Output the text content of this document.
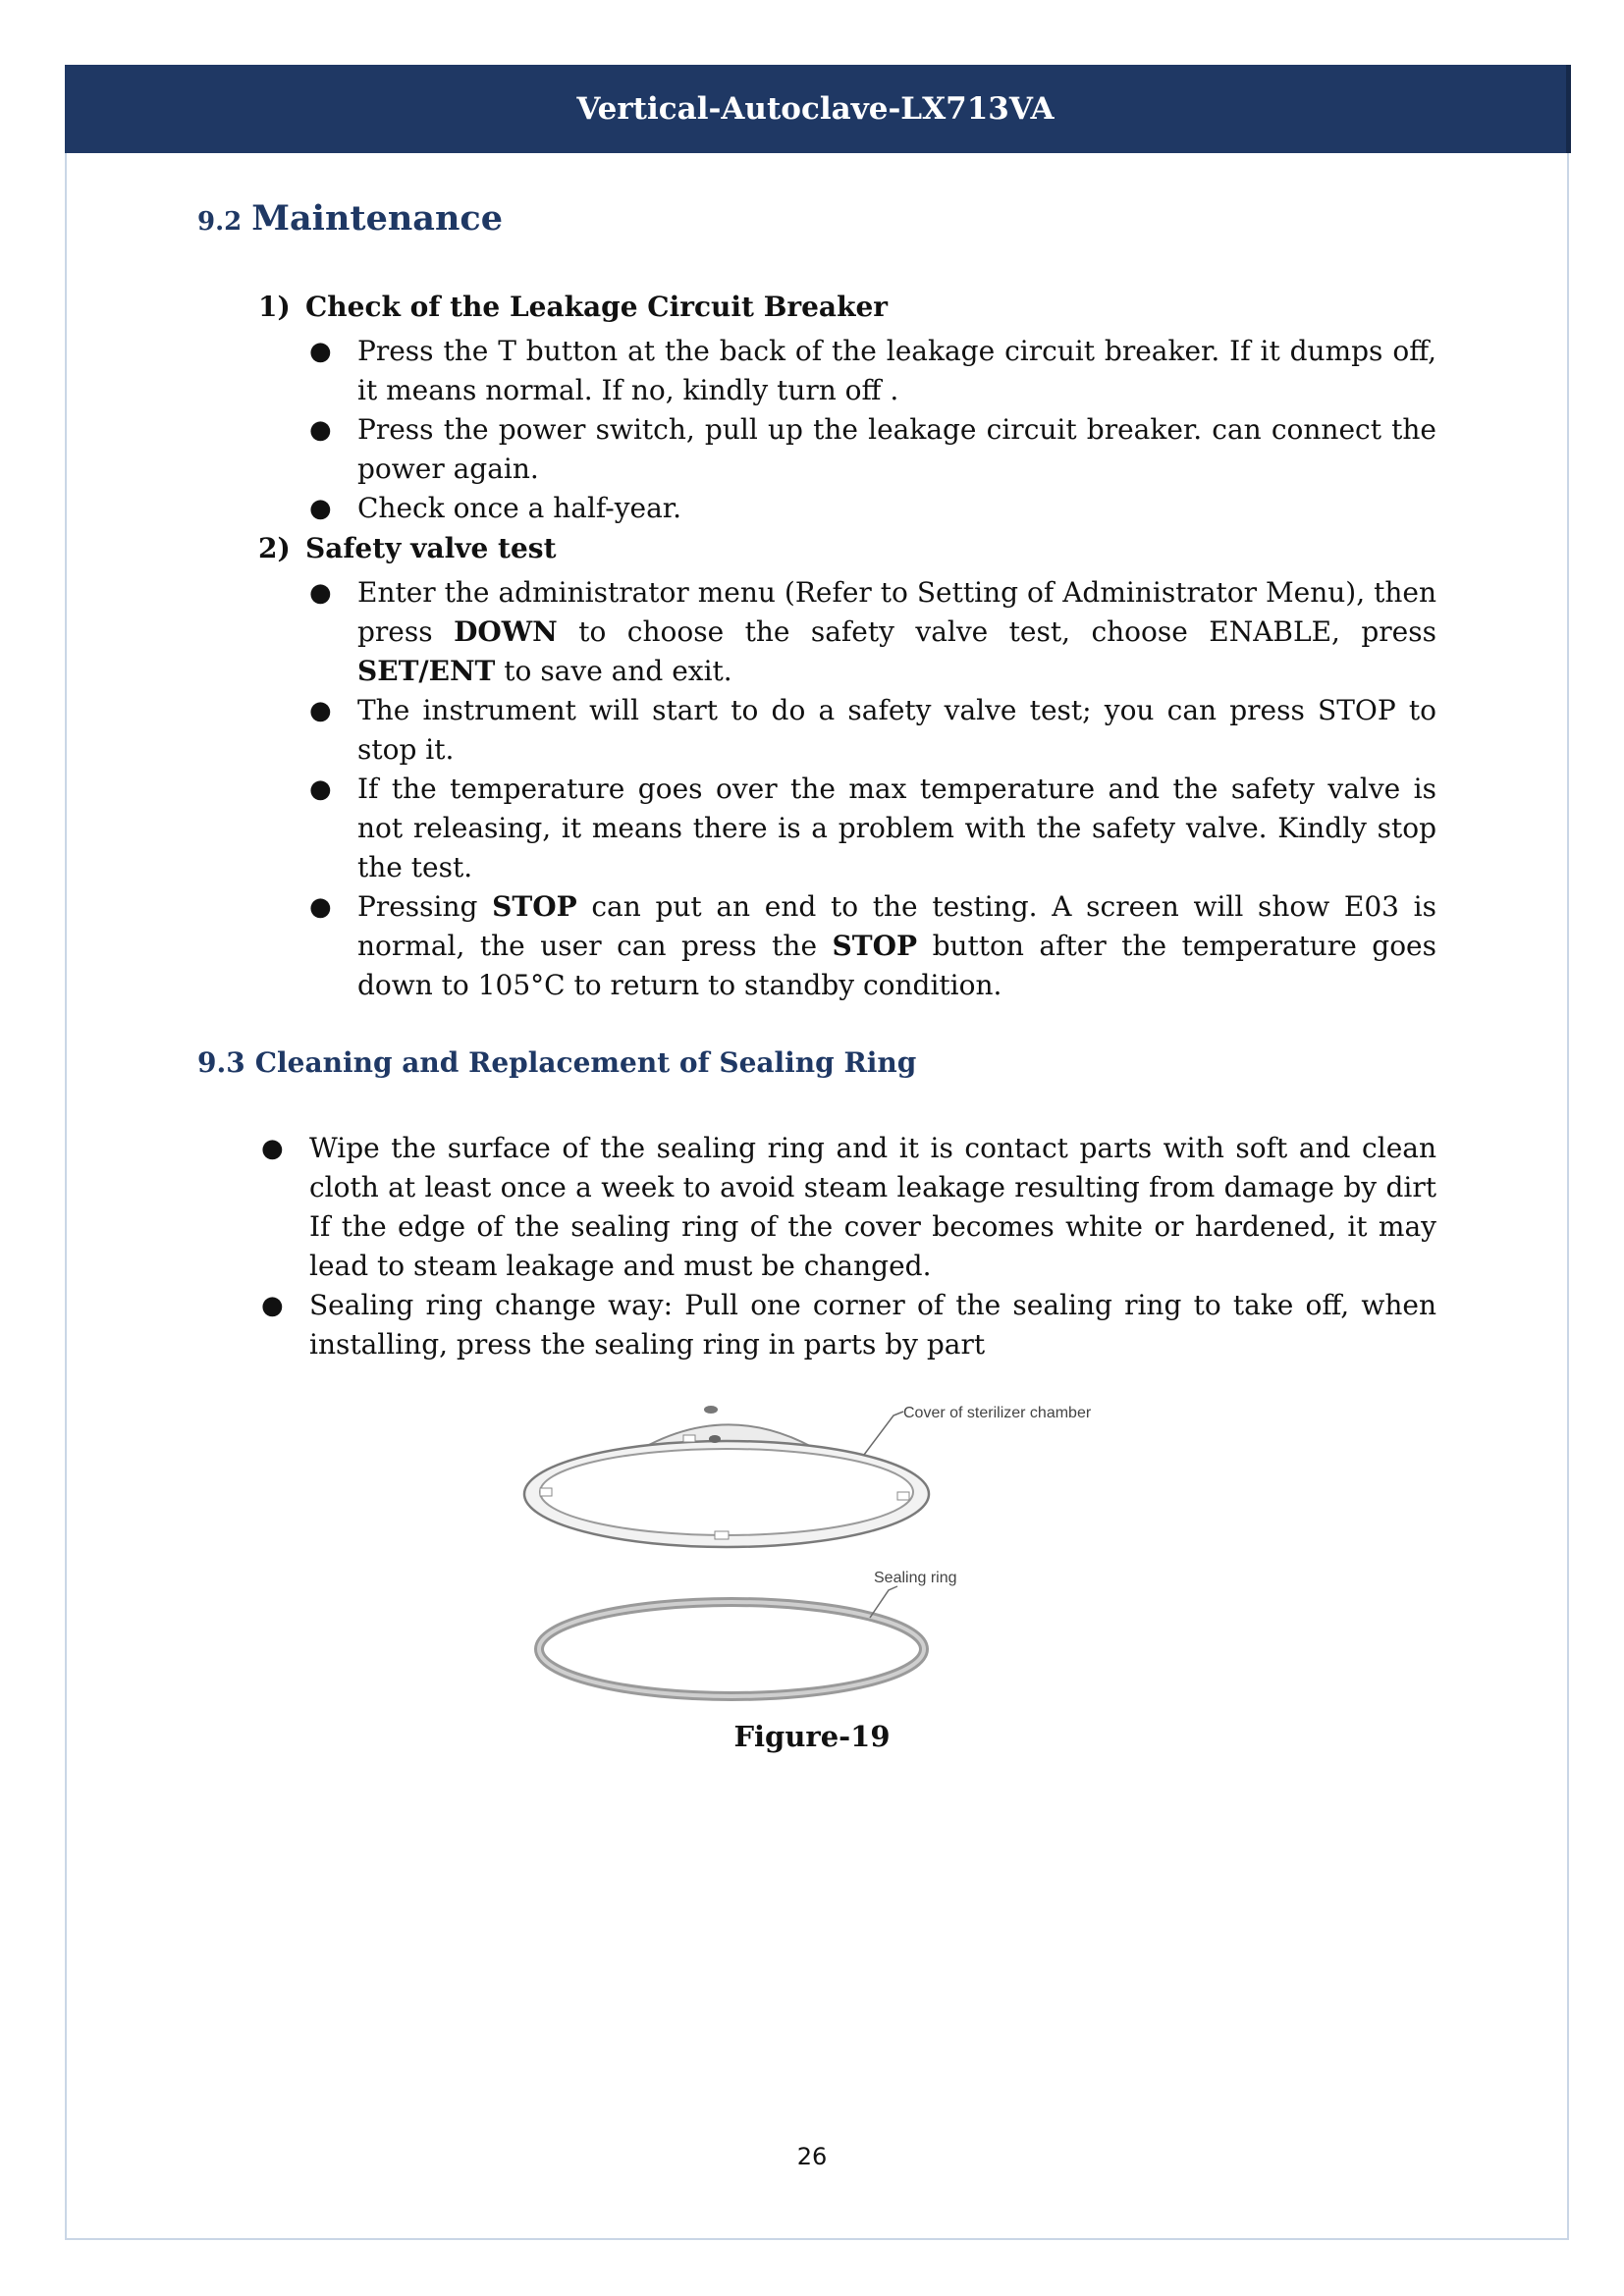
Vertical-Autoclave-LX713VA
9.2 Maintenance
1) Check of the Leakage Circuit Breaker
● Press the T button at the back of the leakage circuit breaker. If it dumps off, it means normal. If no, kindly turn off .
● Press the power switch, pull up the leakage circuit breaker. can connect the power again.
● Check once a half-year.
2) Safety valve test
● Enter the administrator menu (Refer to Setting of Administrator Menu), then press DOWN to choose the safety valve test, choose ENABLE, press SET/ENT to save and exit.
● The instrument will start to do a safety valve test; you can press STOP to stop it.
● If the temperature goes over the max temperature and the safety valve is not releasing, it means there is a problem with the safety valve. Kindly stop the test.
● Pressing STOP can put an end to the testing. A screen will show E03 is normal, the user can press the STOP button after the temperature goes down to 105°C to return to standby condition.
9.3 Cleaning and Replacement of Sealing Ring
● Wipe the surface of the sealing ring and it is contact parts with soft and clean cloth at least once a week to avoid steam leakage resulting from damage by dirt If the edge of the sealing ring of the cover becomes white or hardened, it may lead to steam leakage and must be changed.
● Sealing ring change way: Pull one corner of the sealing ring to take off, when installing, press the sealing ring in parts by part
Cover of sterilizer chamber
Sealing ring
Figure-19
26
